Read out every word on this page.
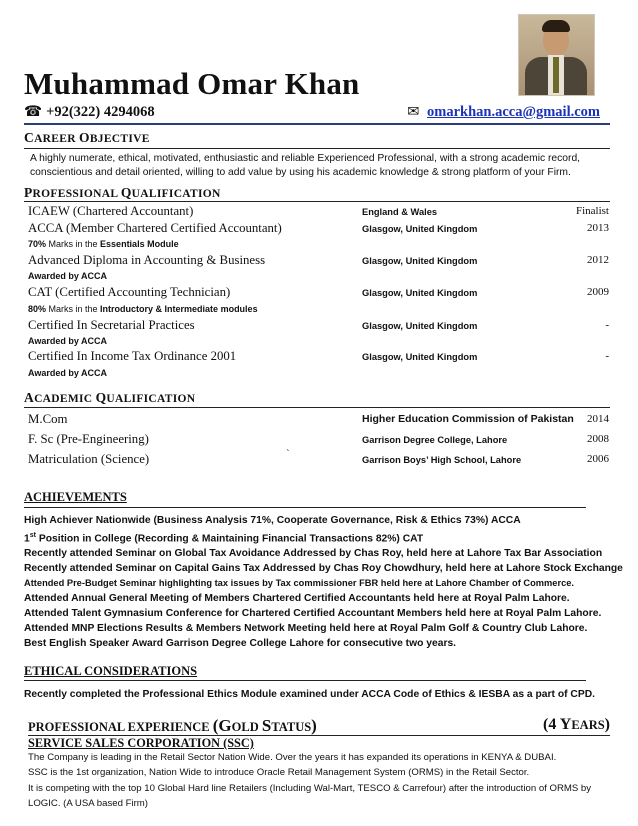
Muhammad Omar Khan
☎ +92(322) 4294068	✉ omarkhan.acca@gmail.com
CAREER OBJECTIVE
A highly numerate, ethical, motivated, enthusiastic and reliable Experienced Professional, with a strong academic record, conscientious and detail oriented, willing to add value by using his academic knowledge & strong platform of your Firm.
PROFESSIONAL QUALIFICATION
ICAEW (Chartered Accountant)	England & Wales	Finalist
ACCA (Member Chartered Certified Accountant)	Glasgow, United Kingdom	2013
70% Marks in the Essentials Module
Advanced Diploma in Accounting & Business	Glasgow, United Kingdom	2012
Awarded by ACCA
CAT (Certified Accounting Technician)	Glasgow, United Kingdom	2009
80% Marks in the Introductory & Intermediate modules
Certified In Secretarial Practices	Glasgow, United Kingdom	-
Awarded by ACCA
Certified In Income Tax Ordinance 2001	Glasgow, United Kingdom	-
Awarded by ACCA
ACADEMIC QUALIFICATION
M.Com	Higher Education Commission of Pakistan 2014
F. Sc (Pre-Engineering)	Garrison Degree College, Lahore	2008
Matriculation (Science)	`	Garrison Boys’ High School, Lahore	2006
ACHIEVEMENTS
High Achiever Nationwide (Business Analysis 71%, Cooperate Governance, Risk & Ethics 73%) ACCA
1st Position in College (Recording & Maintaining Financial Transactions 82%) CAT
Recently attended Seminar on Global Tax Avoidance Addressed by Chas Roy, held here at Lahore Tax Bar Association
Recently attended Seminar on Capital Gains Tax Addressed by Chas Roy Chowdhury, held here at Lahore Stock Exchange
Attended Pre-Budget Seminar highlighting tax issues by Tax commissioner FBR held here at Lahore Chamber of Commerce.
Attended Annual General Meeting of Members Chartered Certified Accountants held here at Royal Palm Lahore.
Attended Talent Gymnasium Conference for Chartered Certified Accountant Members held here at Royal Palm Lahore.
Attended MNP Elections Results & Members Network Meeting held here at Royal Palm Golf & Country Club Lahore.
Best English Speaker Award Garrison Degree College Lahore for consecutive two years.
ETHICAL CONSIDERATIONS
Recently completed the Professional Ethics Module examined under ACCA Code of Ethics & IESBA as a part of CPD.
PROFESSIONAL EXPERIENCE (GOLD STATUS)	(4 YEARS)
SERVICE SALES CORPORATION (SSC)
The Company is leading in the Retail Sector Nation Wide. Over the years it has expanded its operations in KENYA & DUBAI.
SSC is the 1st organization, Nation Wide to introduce Oracle Retail Management System (ORMS) in the Retail Sector.
It is competing with the top 10 Global Hard line Retailers (Including Wal-Mart, TESCO & Carrefour) after the introduction of ORMS by
LOGIC. (A USA based Firm)
